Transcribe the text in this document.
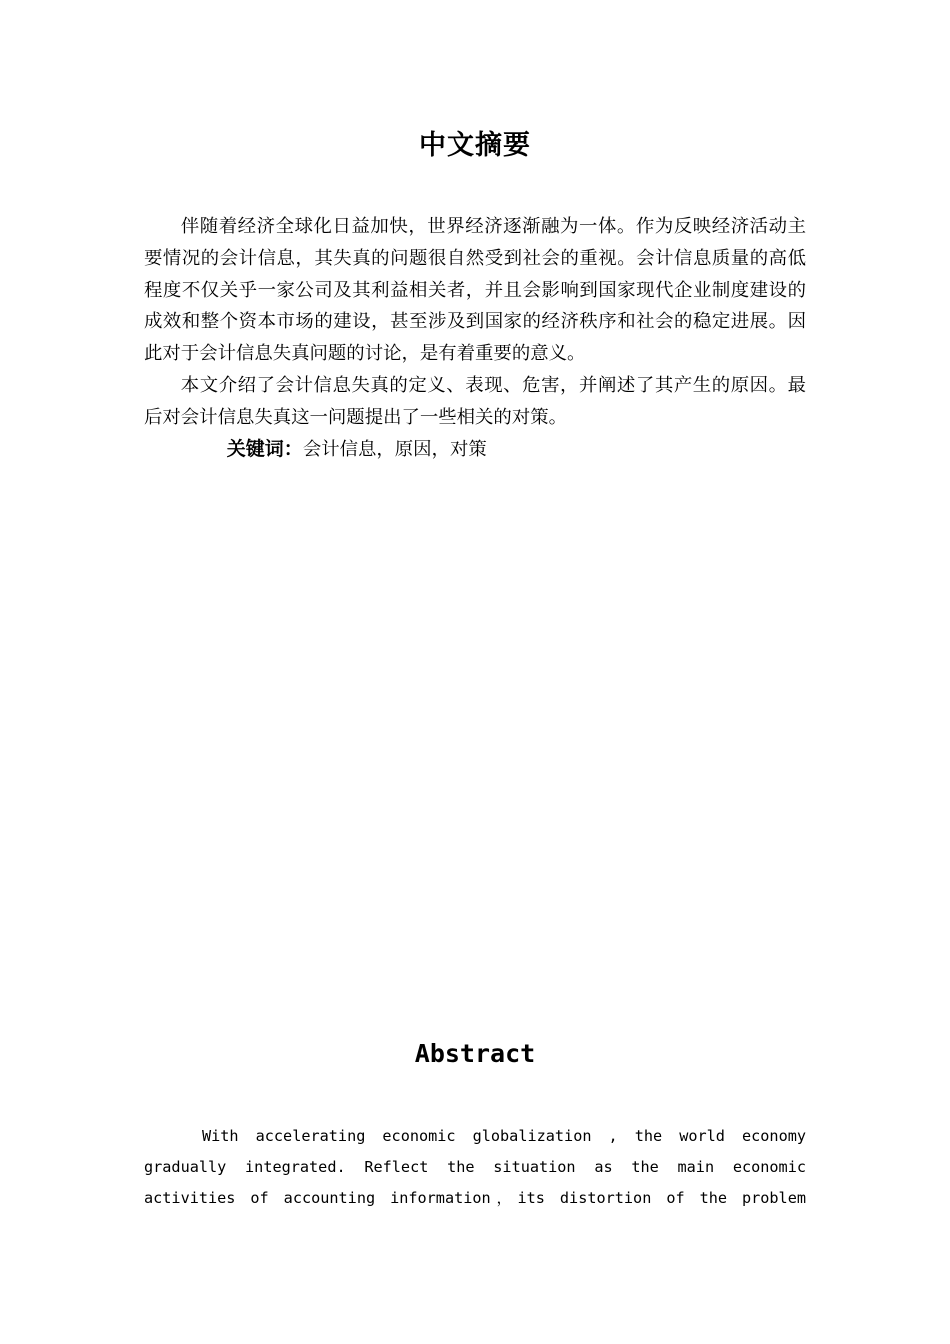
中文摘要

伴随着经济全球化日益加快，世界经济逐渐融为一体。作为反映经济活动主要情况的会计信息，其失真的问题很自然受到社会的重视。会计信息质量的高低程度不仅关乎一家公司及其利益相关者，并且会影响到国家现代企业制度建设的成效和整个资本市场的建设，甚至涉及到国家的经济秩序和社会的稳定进展。因此对于会计信息失真问题的讨论，是有着重要的意义。

本文介绍了会计信息失真的定义、表现、危害，并阐述了其产生的原因。最后对会计信息失真这一问题提出了一些相关的对策。

关键词：会计信息，原因，对策

Abstract

With accelerating economic globalization , the world economy gradually integrated. Reflect the situation as the main economic activities of accounting information，its distortion of the problem
